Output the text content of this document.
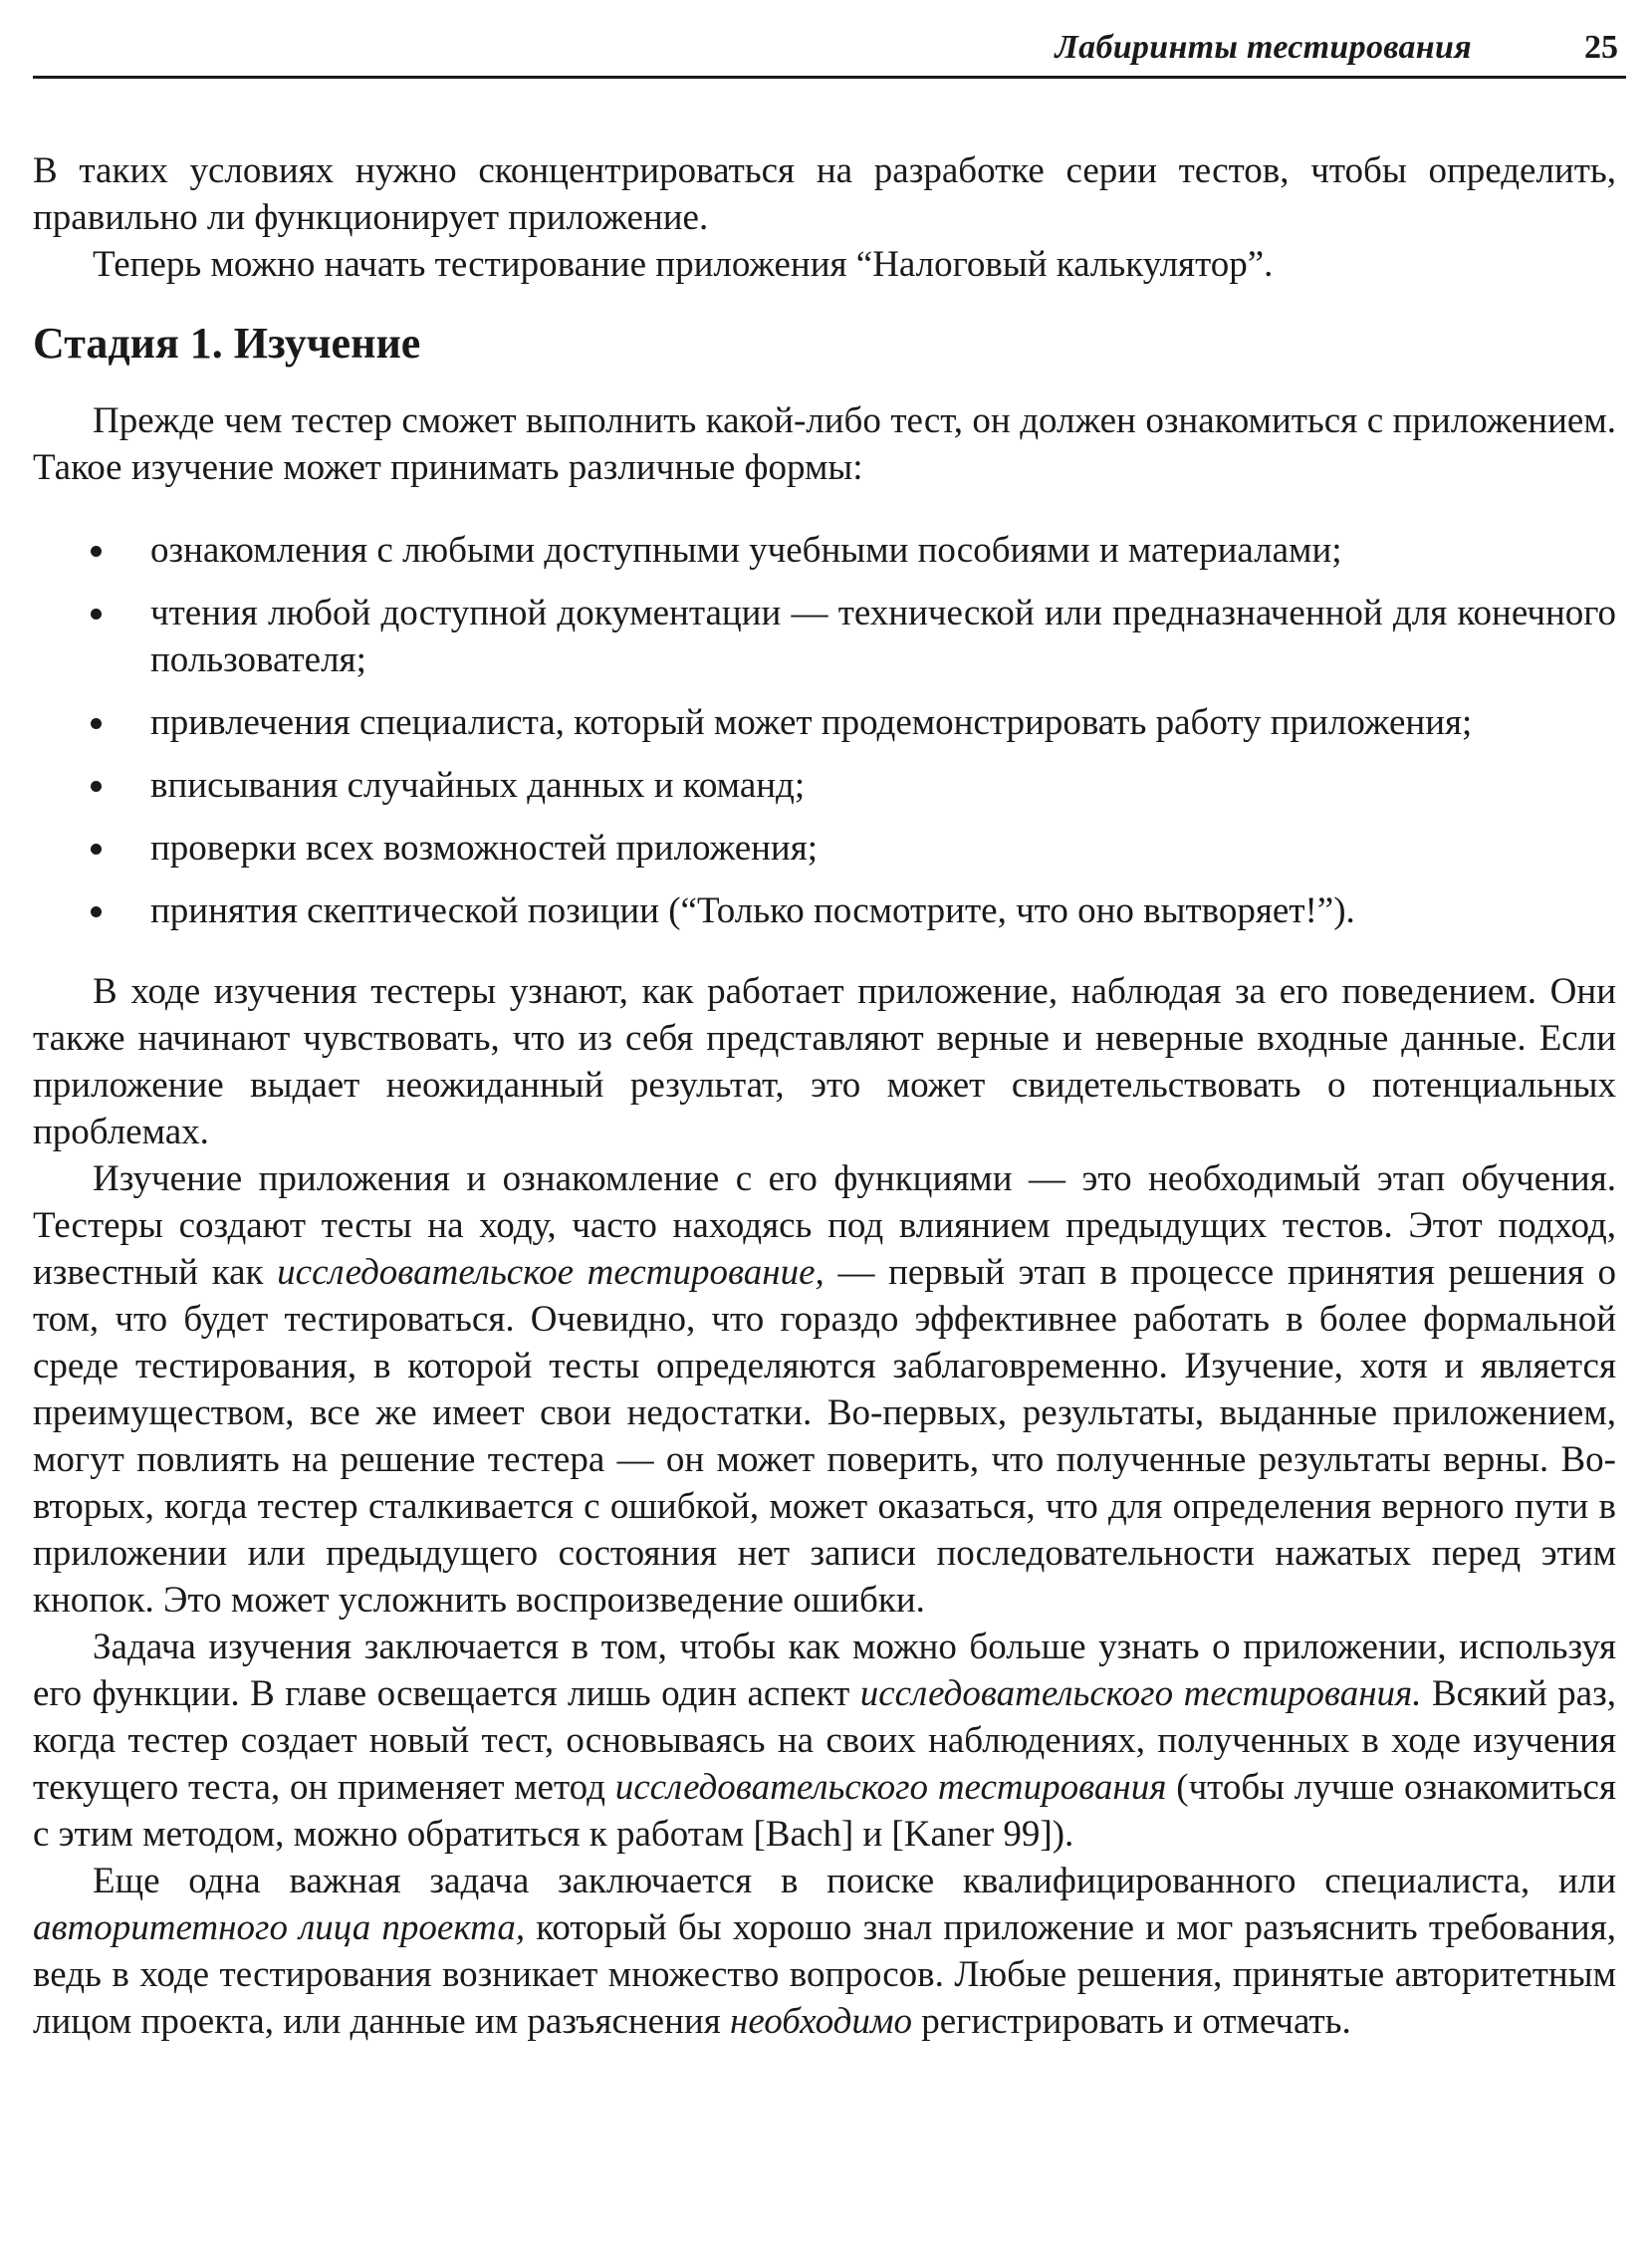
Лабиринты тестирования	25

В таких условиях нужно сконцентрироваться на разработке серии тестов, чтобы определить, правильно ли функционирует приложение.

Теперь можно начать тестирование приложения “Налоговый калькулятор”.

Стадия 1. Изучение

Прежде чем тестер сможет выполнить какой-либо тест, он должен ознакомиться с приложением. Такое изучение может принимать различные формы:

ознакомления с любыми доступными учебными пособиями и материалами;
чтения любой доступной документации — технической или предназначенной для конечного пользователя;
привлечения специалиста, который может продемонстрировать работу приложения;
вписывания случайных данных и команд;
проверки всех возможностей приложения;
принятия скептической позиции (“Только посмотрите, что оно вытворяет!”).

В ходе изучения тестеры узнают, как работает приложение, наблюдая за его поведением. Они также начинают чувствовать, что из себя представляют верные и неверные входные данные. Если приложение выдает неожиданный результат, это может свидетельствовать о потенциальных проблемах.

Изучение приложения и ознакомление с его функциями — это необходимый этап обучения. Тестеры создают тесты на ходу, часто находясь под влиянием предыдущих тестов. Этот подход, известный как исследовательское тестирование, — первый этап в процессе принятия решения о том, что будет тестироваться. Очевидно, что гораздо эффективнее работать в более формальной среде тестирования, в которой тесты определяются заблаговременно. Изучение, хотя и является преимуществом, все же имеет свои недостатки. Во-первых, результаты, выданные приложением, могут повлиять на решение тестера — он может поверить, что полученные результаты верны. Во-вторых, когда тестер сталкивается с ошибкой, может оказаться, что для определения верного пути в приложении или предыдущего состояния нет записи последовательности нажатых перед этим кнопок. Это может усложнить воспроизведение ошибки.

Задача изучения заключается в том, чтобы как можно больше узнать о приложении, используя его функции. В главе освещается лишь один аспект исследовательского тестирования. Всякий раз, когда тестер создает новый тест, основываясь на своих наблюдениях, полученных в ходе изучения текущего теста, он применяет метод исследовательского тестирования (чтобы лучше ознакомиться с этим методом, можно обратиться к работам [Bach] и [Kaner 99]).

Еще одна важная задача заключается в поиске квалифицированного специалиста, или авторитетного лица проекта, который бы хорошо знал приложение и мог разъяснить требования, ведь в ходе тестирования возникает множество вопросов. Любые решения, принятые авторитетным лицом проекта, или данные им разъяснения необходимо регистрировать и отмечать.
